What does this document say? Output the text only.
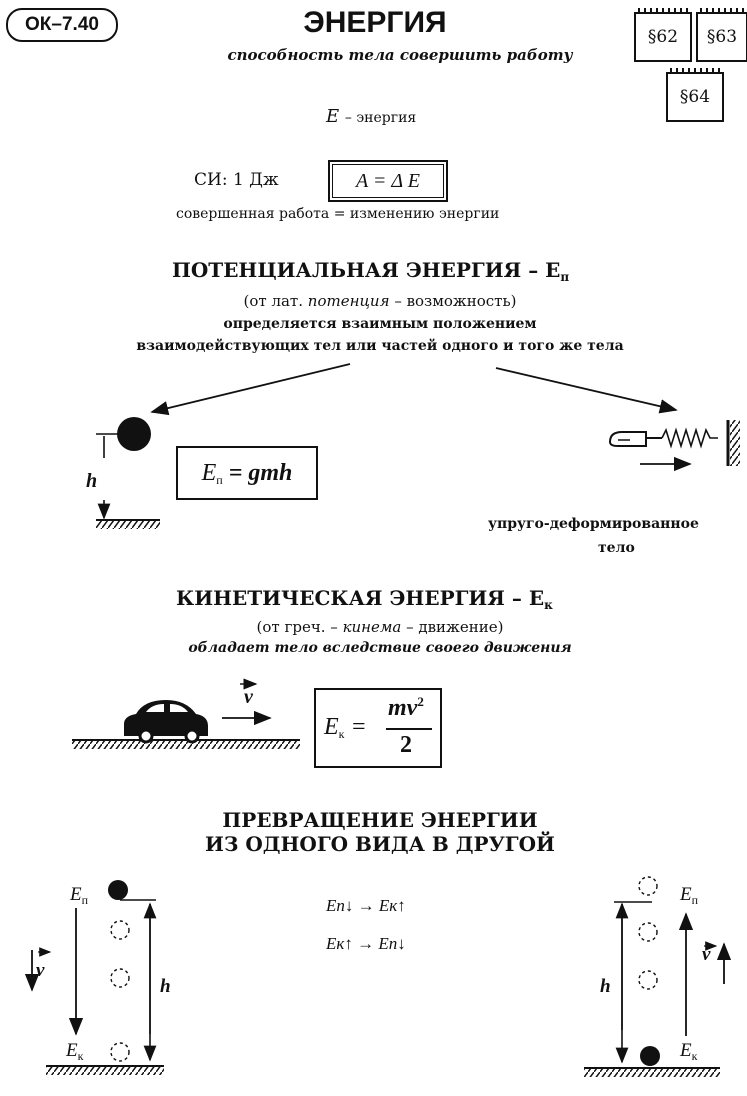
ОК–7.40	ЭНЕРГИЯ
способность тела совершить работу
§62	§63
§64
E – энергия
СИ: 1 Дж	A = Δ E
совершенная работа = изменению энергии
ПОТЕНЦИАЛЬНАЯ ЭНЕРГИЯ – $E_п$
(от лат. потенция – возможность)
определяется взаимным положением
взаимодействующих тел или частей одного и того же тела
$E_п$ = gmh
h
упруго-деформированное
тело
КИНЕТИЧЕСКАЯ ЭНЕРГИЯ – $E_к$
(от греч. – кинема – движение)
обладает тело вследствие своего движения
v
$E_к$ =
$mv^2$
2
ПРЕВРАЩЕНИЕ ЭНЕРГИИ
ИЗ ОДНОГО ВИДА В ДРУГОЙ
Eп↓ → Eк↑
Eк↑ → Eп↓
$E_п$
$E_к$
v
h
$E_п$
$E_к$
h
v
